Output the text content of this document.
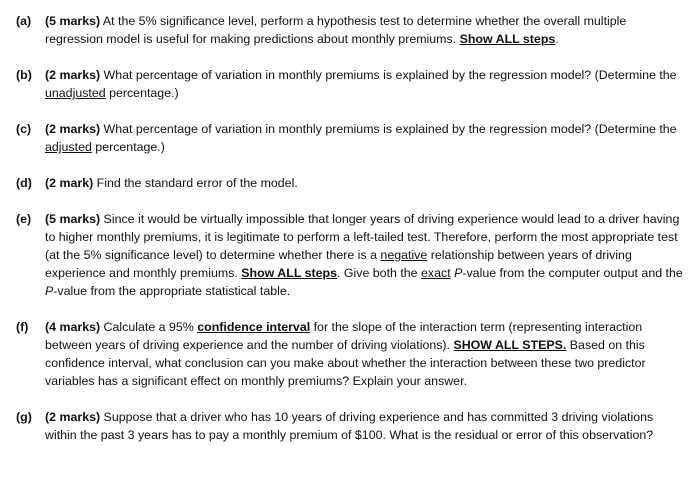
(a)	(5 marks) At the 5% significance level, perform a hypothesis test to determine whether the overall multiple regression model is useful for making predictions about monthly premiums. Show ALL steps.
(b)	(2 marks) What percentage of variation in monthly premiums is explained by the regression model? (Determine the unadjusted percentage.)
(c)	(2 marks) What percentage of variation in monthly premiums is explained by the regression model? (Determine the adjusted percentage.)
(d)	(2 mark) Find the standard error of the model.
(e)	(5 marks) Since it would be virtually impossible that longer years of driving experience would lead to a driver having to higher monthly premiums, it is legitimate to perform a left-tailed test. Therefore, perform the most appropriate test (at the 5% significance level) to determine whether there is a negative relationship between years of driving experience and monthly premiums. Show ALL steps. Give both the exact P-value from the computer output and the P-value from the appropriate statistical table.
(f)	(4 marks) Calculate a 95% confidence interval for the slope of the interaction term (representing interaction between years of driving experience and the number of driving violations). SHOW ALL STEPS. Based on this confidence interval, what conclusion can you make about whether the interaction between these two predictor variables has a significant effect on monthly premiums? Explain your answer.
(g)	(2 marks) Suppose that a driver who has 10 years of driving experience and has committed 3 driving violations within the past 3 years has to pay a monthly premium of $100. What is the residual or error of this observation?
